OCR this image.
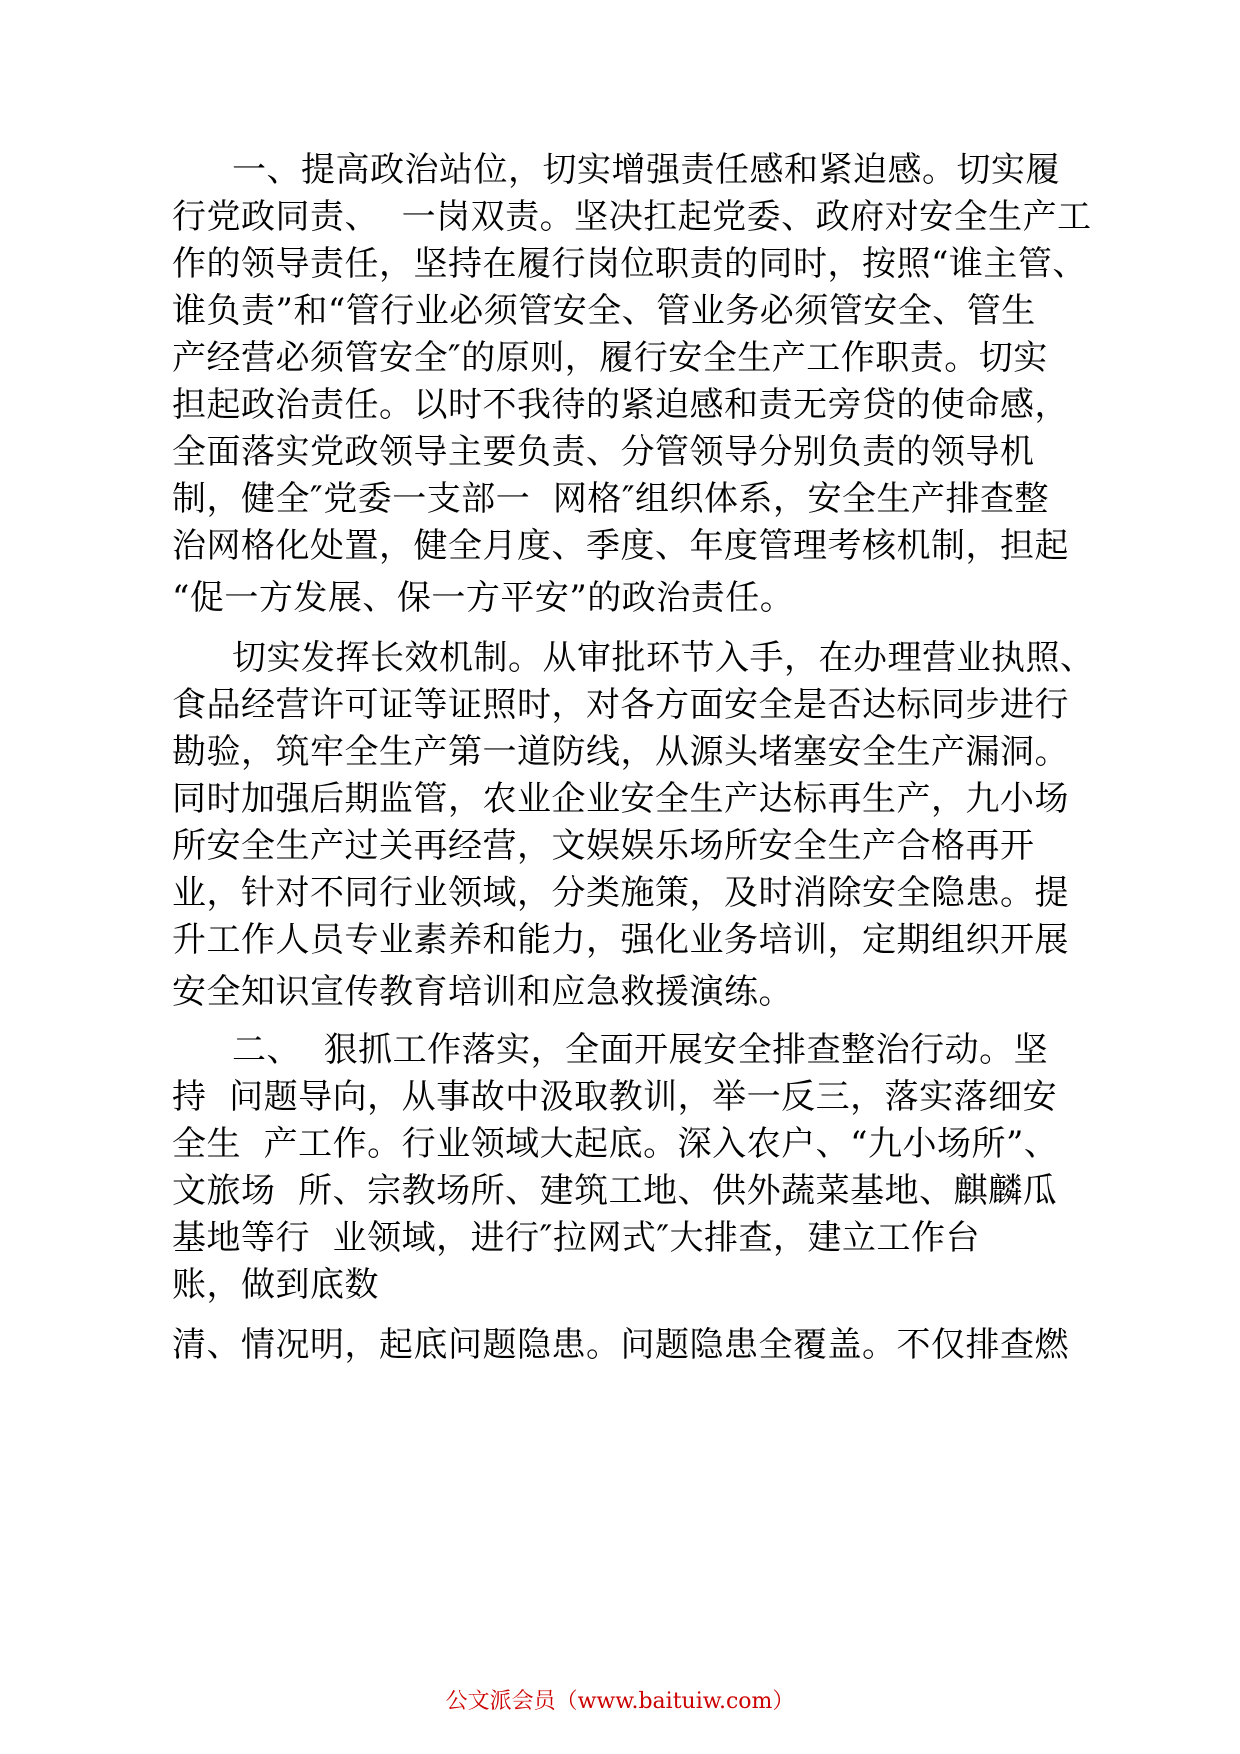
一、提高政治站位，切实增强责任感和紧迫感。切实履
行党政同责、  一岗双责。坚决扛起党委、政府对安全生产工
作的领导责任，坚持在履行岗位职责的同时，按照“谁主管、
谁负责”和“管行业必须管安全、管业务必须管安全、管生
产经营必须管安全″的原则，履行安全生产工作职责。切实
担起政治责任。以时不我待的紧迫感和责无旁贷的使命感，
全面落实党政领导主要负责、分管领导分别负责的领导机
制，健全″党委一支部一  网格″组织体系，安全生产排查整
治网格化处置，健全月度、季度、年度管理考核机制，担起
“促一方发展、保一方平安”的政治责任。
切实发挥长效机制。从审批环节入手，在办理营业执照、
食品经营许可证等证照时，对各方面安全是否达标同步进行
勘验，筑牢全生产第一道防线，从源头堵塞安全生产漏洞。
同时加强后期监管，农业企业安全生产达标再生产，九小场
所安全生产过关再经营，文娱娱乐场所安全生产合格再开
业，针对不同行业领域，分类施策，及时消除安全隐患。提
升工作人员专业素养和能力，强化业务培训，定期组织开展
安全知识宣传教育培训和应急救援演练。
二、  狠抓工作落实，全面开展安全排查整治行动。坚
持  问题导向，从事故中汲取教训，举一反三，落实落细安
全生  产工作。行业领域大起底。深入农户、“九小场所”、
文旅场  所、宗教场所、建筑工地、供外蔬菜基地、麒麟瓜
基地等行  业领域，进行″拉网式″大排查，建立工作台
账，做到底数
清、情况明，起底问题隐患。问题隐患全覆盖。不仅排查燃
公文派会员（www.baituiw.com）
